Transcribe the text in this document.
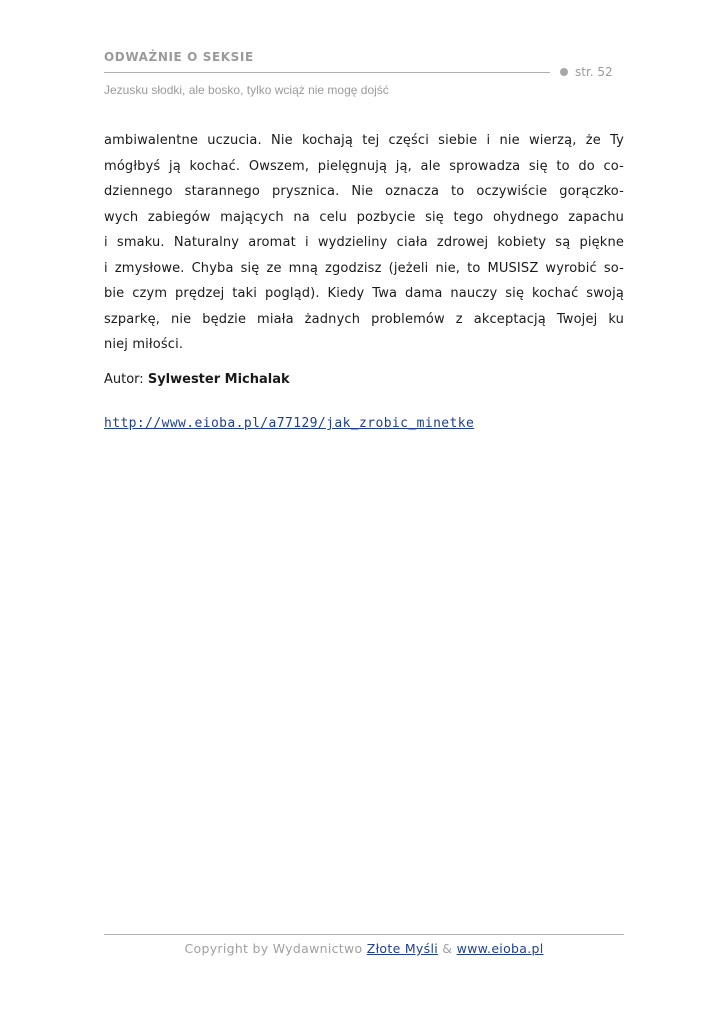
ODWAŻNIE O SEKSIE
str. 52
Jezusku słodki, ale bosko, tylko wciąż nie mogę dojść

ambiwalentne uczucia. Nie kochają tej części siebie i nie wierzą, że Ty
mógłbyś ją kochać. Owszem, pielęgnują ją, ale sprowadza się to do co-
dziennego starannego prysznica. Nie oznacza to oczywiście gorączko-
wych zabiegów mających na celu pozbycie się tego ohydnego zapachu
i smaku. Naturalny aromat i wydzieliny ciała zdrowej kobiety są piękne
i zmysłowe. Chyba się ze mną zgodzisz (jeżeli nie, to MUSISZ wyrobić so-
bie czym prędzej taki pogląd). Kiedy Twa dama nauczy się kochać swoją
szparkę, nie będzie miała żadnych problemów z akceptacją Twojej ku
niej miłości.

Autor: Sylwester Michalak
http://www.eioba.pl/a77129/jak_zrobic_minetke
Copyright by Wydawnictwo Złote Myśli & www.eioba.pl
